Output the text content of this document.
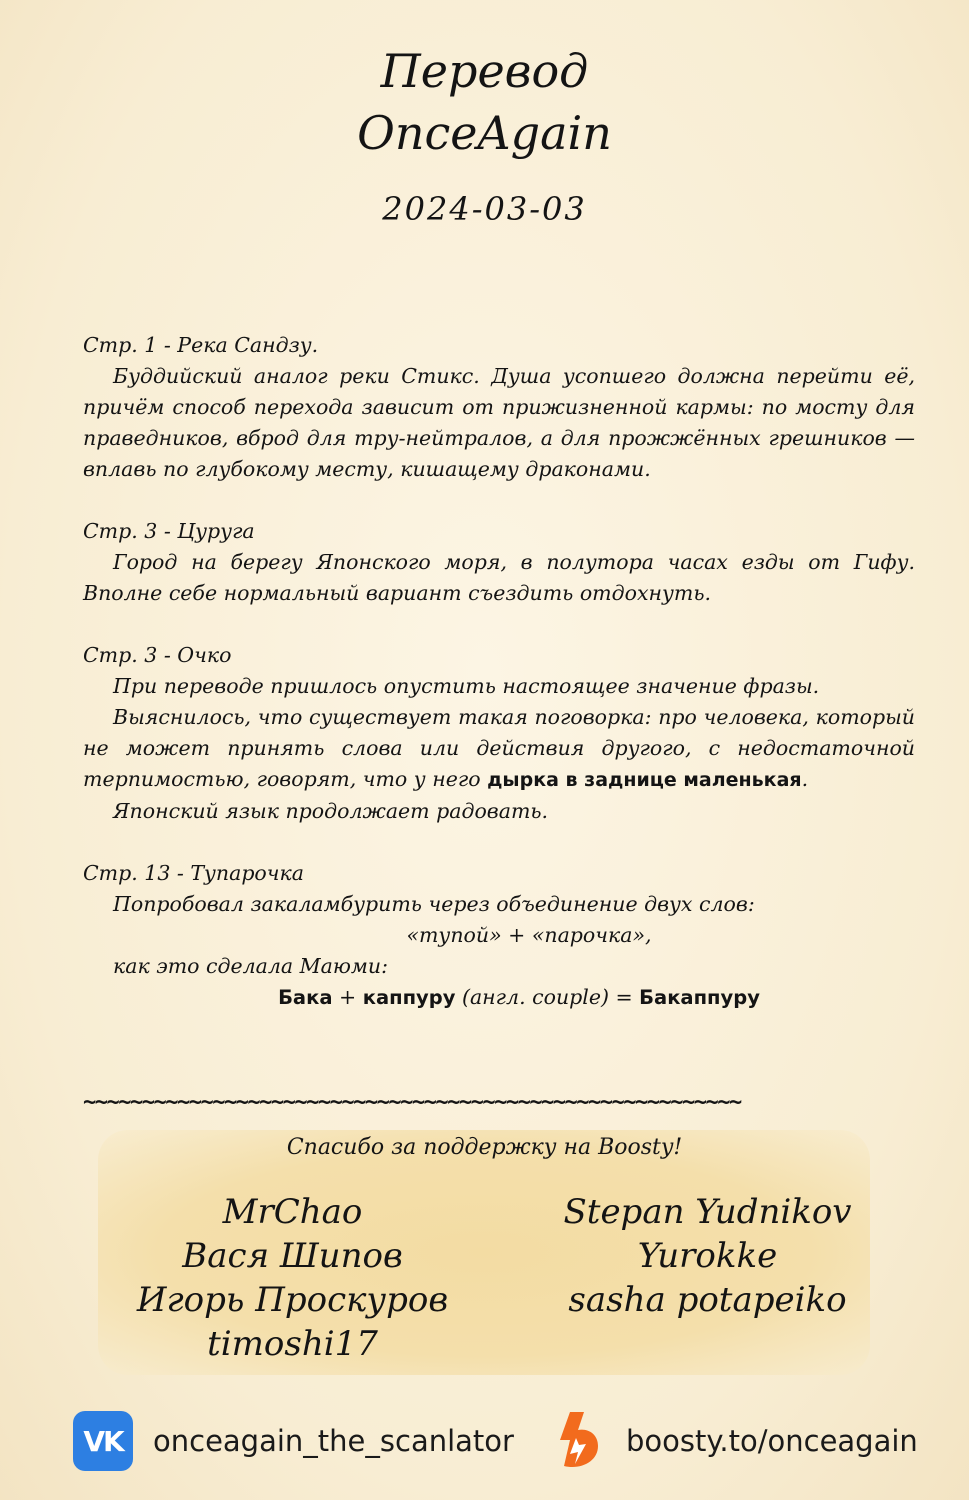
Перевод
OnceAgain
2024-03-03
Стр. 1 - Река Сандзу.
Буддийский аналог реки Стикс. Душа усопшего должна перейти её, причём способ перехода зависит от прижизненной кармы: по мосту для праведников, вброд для тру-нейтралов, а для прожжённых грешников — вплавь по глубокому месту, кишащему драконами.
Стр. 3 - Цуруга
Город на берегу Японского моря, в полутора часах езды от Гифу. Вполне себе нормальный вариант съездить отдохнуть.
Стр. 3 - Очко
При переводе пришлось опустить настоящее значение фразы.
Выяснилось, что существует такая поговорка: про человека, который не может принять слова или действия другого, с недостаточной терпимостью, говорят, что у него дырка в заднице маленькая.
Японский язык продолжает радовать.
Стр. 13 - Тупарочка
Попробовал закаламбурить через объединение двух слов:
«тупой» + «парочка»,
как это сделала Маюми:
Бака + каппуру (англ. couple) = Бакаппуру
~~~~~~~~~~~~~~~~~~~~~~~~~~~~~~~~~~~~~~~~~~~~~~~~~~~~~~~~
Спасибо за поддержку на Boosty!
MrChao
Вася Шипов
Игорь Проскуров
timoshi17
Stepan Yudnikov
Yurokke
sasha potapeiko
VK	onceagain_the_scanlator	boosty.to/onceagain
